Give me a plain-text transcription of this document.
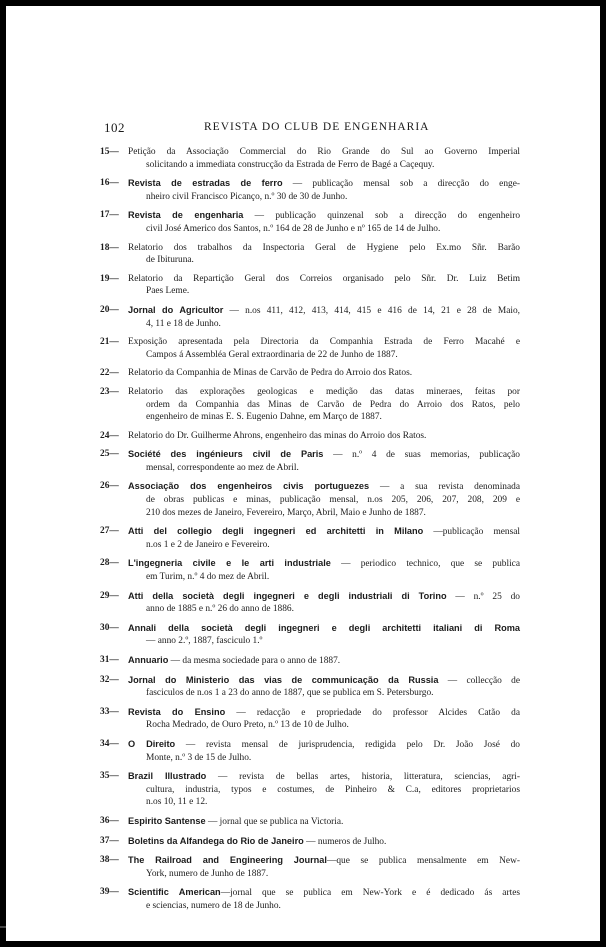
102	REVISTA DO CLUB DE ENGENHARIA
15— Petição da Associação Commercial do Rio Grande do Sul ao Governo Imperial
solicitando a immediata construcção da Estrada de Ferro de Bagé a Caçequy.
16—	Revista de estradas de ferro — publicação mensal sob a direcção do enge-
nheiro civil Francisco Picanço, n.º 30 de 30 de Junho.
17—	Revista de engenharia — publicação quinzenal sob a direcção do engenheiro
civil José Americo dos Santos, n.º 164 de 28 de Junho e nº 165 de 14 de Julho.
18— Relatorio dos trabalhos da Inspectoria Geral de Hygiene pelo Ex.mo Sñr. Barão
de Ibituruna.
19— Relatorio da Repartição Geral dos Correios organisado pelo Sñr. Dr. Luiz Betim
Paes Leme.
20—	Jornal do Agricultor — n.os 411, 412, 413, 414, 415 e 416 de 14, 21 e 28 de Maio,
4, 11 e 18 de Junho.
21— Exposição apresentada pela Directoria da Companhia Estrada de Ferro Macahé e
Campos á Assembléa Geral extraordinaria de 22 de Junho de 1887.
22— Relatorio da Companhia de Minas de Carvão de Pedra do Arroio dos Ratos.
23— Relatorio das explorações geologicas e medição das datas mineraes, feitas por
ordem da Companhia das Minas de Carvão de Pedra do Arroio dos Ratos, pelo
engenheiro de minas E. S. Eugenio Dahne, em Março de 1887.
24— Relatorio do Dr. Guilherme Ahrons, engenheiro das minas do Arroio dos Ratos.
25—	Société des ingénieurs civil de Paris — n.º 4 de suas memorias, publicação
mensal, correspondente ao mez de Abril.
26—	Associação dos engenheiros civis portuguezes — a sua revista denominada
de obras publicas e minas, publicação mensal, n.os 205, 206, 207, 208, 209 e
210 dos mezes de Janeiro, Fevereiro, Março, Abril, Maio e Junho de 1887.
27—	Atti del collegio degli ingegneri ed architetti in Milano —publicação mensal
n.os 1 e 2 de Janeiro e Fevereiro.
28—	L'ingegneria civile e le arti industriale — periodico technico, que se publica
em Turim, n.º 4 do mez de Abril.
29—	Atti della società degli ingegneri e degli industriali di Torino — n.º 25 do
anno de 1885 e n.º 26 do anno de 1886.
30—	Annali della società degli ingegneri e degli architetti italiani di Roma
— anno 2.º, 1887, fasciculo 1.º
31—	Annuario — da mesma sociedade para o anno de 1887.
32—	Jornal do Ministerio das vias de communicação da Russia — collecção de
fasciculos de n.os 1 a 23 do anno de 1887, que se publica em S. Petersburgo.
33—	Revista do Ensino — redacção e propriedade do professor Alcides Catão da
Rocha Medrado, de Ouro Preto, n.º 13 de 10 de Julho.
34—	O Direito — revista mensal de jurisprudencia, redigida pelo Dr. João José do
Monte, n.º 3 de 15 de Julho.
35—	Brazil Illustrado — revista de bellas artes, historia, litteratura, sciencias, agri-
cultura, industria, typos e costumes, de Pinheiro & C.a, editores proprietarios
n.os 10, 11 e 12.
36—	Espirito Santense — jornal que se publica na Victoria.
37—	Boletins da Alfandega do Rio de Janeiro — numeros de Julho.
38—	The Railroad and Engineering Journal—que se publica mensalmente em New-
York, numero de Junho de 1887.
39—	Scientific American—jornal que se publica em New-York e é dedicado ás artes
e sciencias, numero de 18 de Junho.
